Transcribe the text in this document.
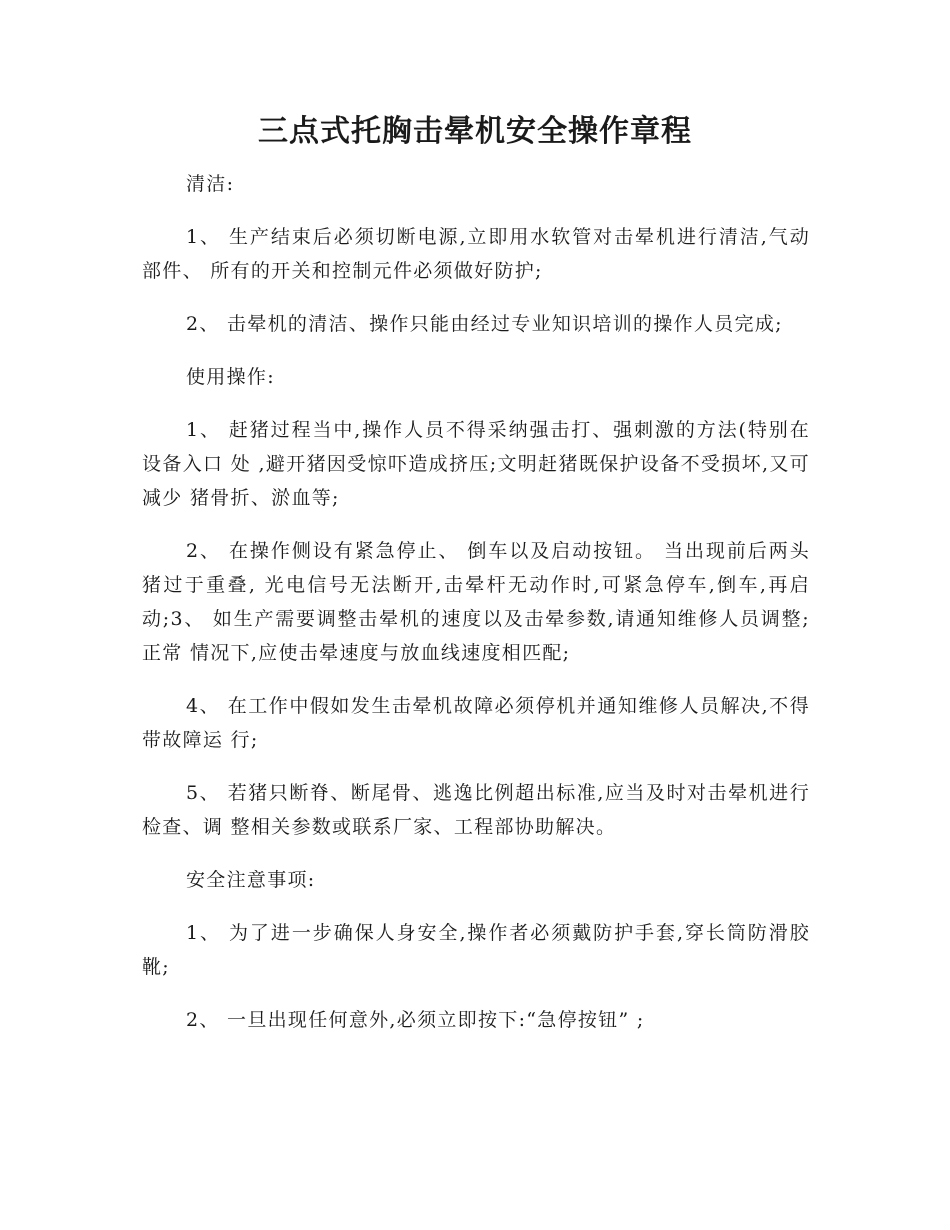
三点式托胸击晕机安全操作章程

清洁:

1、 生产结束后必须切断电源,立即用水软管对击晕机进行清洁,气动部件、 所有的开关和控制元件必须做好防护;

2、 击晕机的清洁、操作只能由经过专业知识培训的操作人员完成;

使用操作:

1、 赶猪过程当中,操作人员不得采纳强击打、强刺激的方法(特别在设备入口 处 ,避开猪因受惊吓造成挤压;文明赶猪既保护设备不受损坏,又可减少 猪骨折、淤血等;

2、 在操作侧设有紧急停止、 倒车以及启动按钮。 当出现前后两头猪过于重叠, 光电信号无法断开,击晕杆无动作时,可紧急停车,倒车,再启动;3、 如生产需要调整击晕机的速度以及击晕参数,请通知维修人员调整;正常 情况下,应使击晕速度与放血线速度相匹配;

4、 在工作中假如发生击晕机故障必须停机并通知维修人员解决,不得带故障运 行;

5、 若猪只断脊、断尾骨、逃逸比例超出标准,应当及时对击晕机进行检查、调 整相关参数或联系厂家、工程部协助解决。

安全注意事项:

1、 为了进一步确保人身安全,操作者必须戴防护手套,穿长筒防滑胶靴;

2、 一旦出现任何意外,必须立即按下:“急停按钮” ;
